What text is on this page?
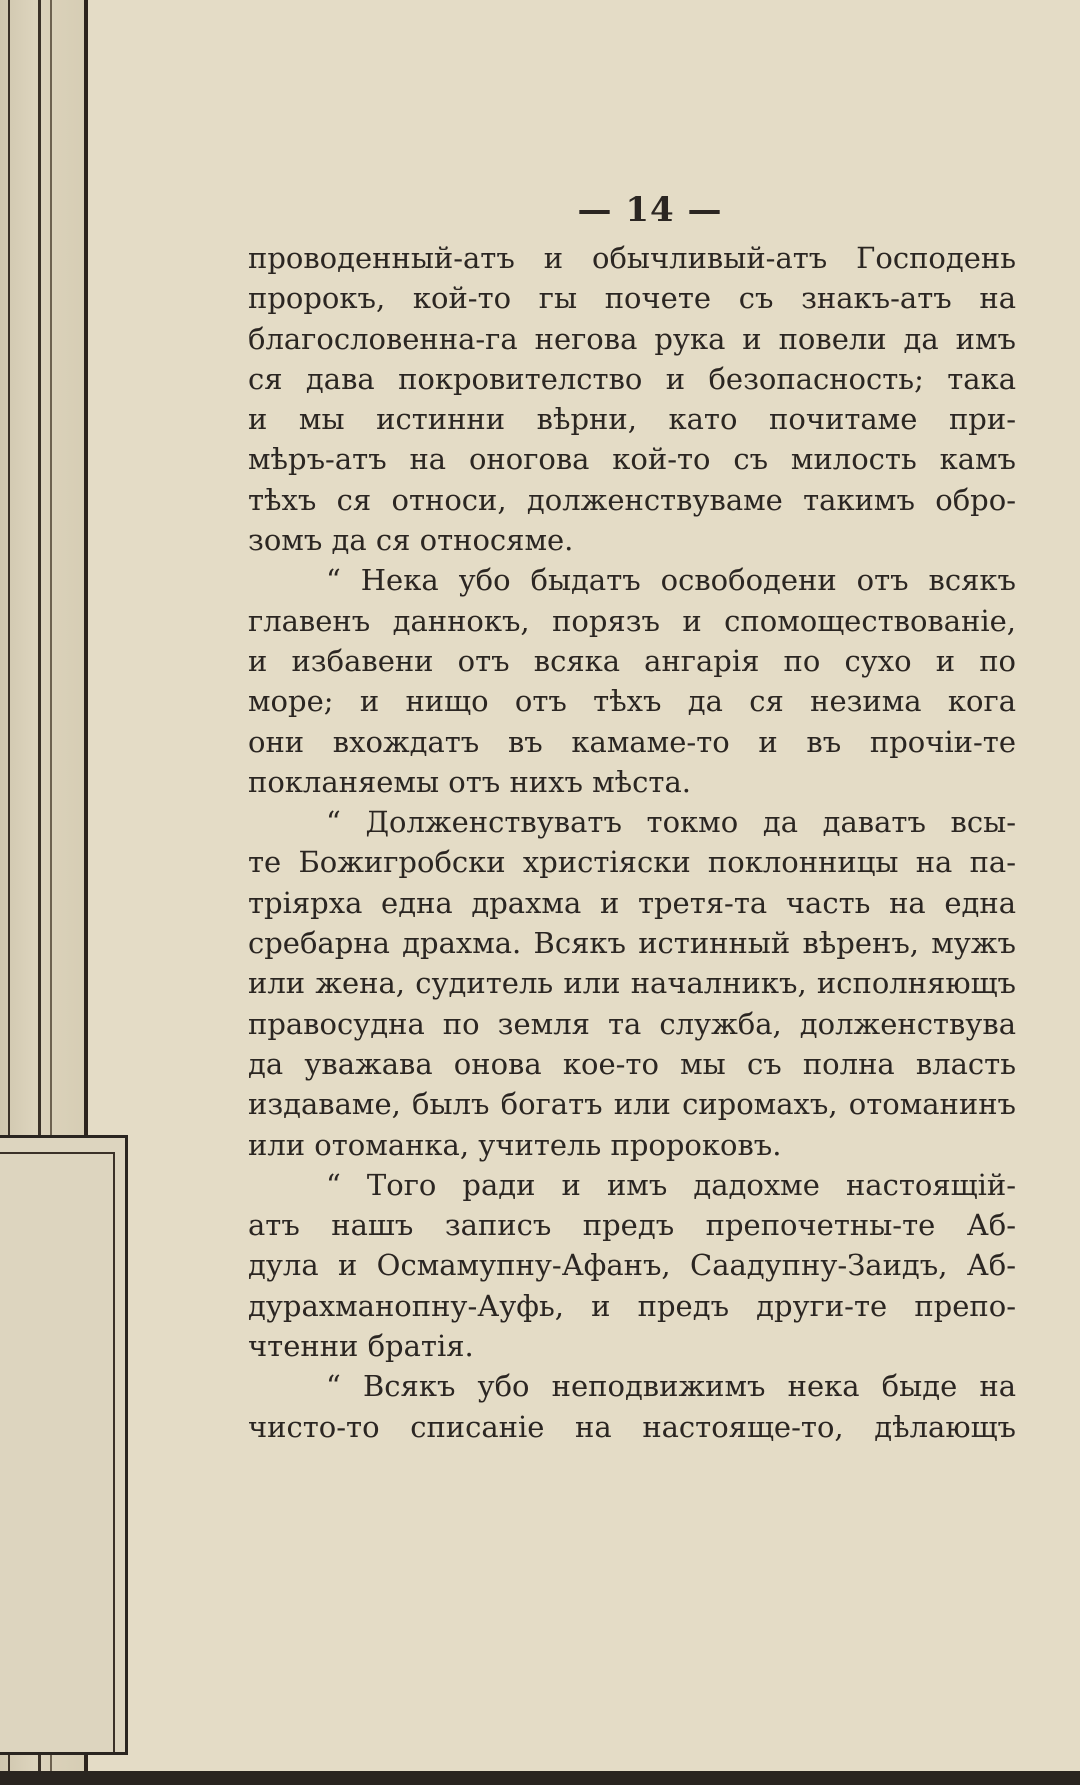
— 14 —
проводенный-атъ и обычливый-атъ Господень
пророкъ, кой-то гы почете съ знакъ-атъ на
благословенна-га негова рука и повели да имъ
ся дава покровителство и безопасность; така
и мы истинни вѣрни, като почитаме при-
мѣръ-атъ на оногова кой-то съ милость камъ
тѣхъ ся относи, долженствуваме такимъ обро-
зомъ да ся относяме.
“ Нека убо быдатъ освободени отъ всякъ
главенъ даннокъ, порязъ и спомоществованіе,
и избавени отъ всяка ангарія по сухо и по
море; и нищо отъ тѣхъ да ся незима кога
они вхождатъ въ камаме-то и въ прочіи-те
покланяемы отъ нихъ мѣста.
“ Долженствуватъ токмо да даватъ всы-
те Божигробски христіяски поклонницы на па-
тріярха една драхма и третя-та часть на една
сребарна драхма. Всякъ истинный вѣренъ, мужъ
или жена, судитель или началникъ, исполняющъ
правосудна по земля та служба, долженствува
да уважава онова кое-то мы съ полна власть
издаваме, былъ богатъ или сиромахъ, отоманинъ
или отоманка, учитель пророковъ.
“ Того ради и имъ дадохме настоящій-
атъ нашъ записъ предъ препочетны-те Аб-
дула и Осмамупну-Афанъ, Саадупну-Заидъ, Аб-
дурахманопну-Ауфь, и предъ други-те препо-
чтенни братія.
“ Всякъ убо неподвижимъ нека быде на
чисто-то списаніе на настояще-то, дѣлающъ
